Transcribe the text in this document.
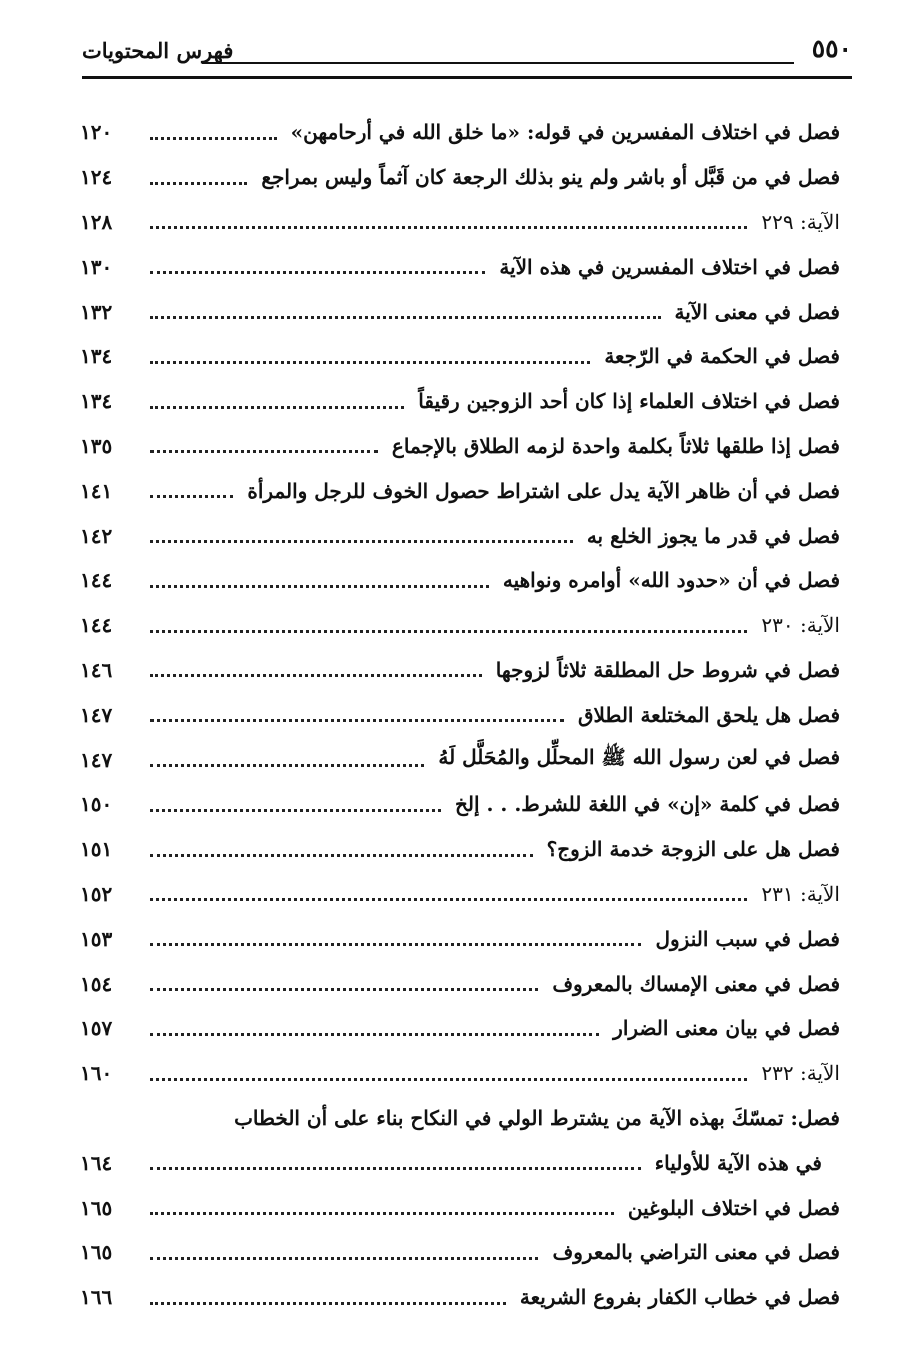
٥٥٠
فهرس المحتويات
فصل في اختلاف المفسرين في قوله: «ما خلق الله في أرحامهن»
١٢٠
فصل في من قَبَّل أو باشر ولم ينو بذلك الرجعة كان آثماً وليس بمراجع
١٢٤
الآية: ٢٢٩
١٢٨
فصل في اختلاف المفسرين في هذه الآية
١٣٠
فصل في معنى الآية
١٣٢
فصل في الحكمة في الرّجعة
١٣٤
فصل في اختلاف العلماء إذا كان أحد الزوجين رقيقاً
١٣٤
فصل إذا طلقها ثلاثاً بكلمة واحدة لزمه الطلاق بالإجماع
١٣٥
فصل في أن ظاهر الآية يدل على اشتراط حصول الخوف للرجل والمرأة
١٤١
فصل في قدر ما يجوز الخلع به
١٤٢
فصل في أن «حدود الله» أوامره ونواهيه
١٤٤
الآية: ٢٣٠
١٤٤
فصل في شروط حل المطلقة ثلاثاً لزوجها
١٤٦
فصل هل يلحق المختلعة الطلاق
١٤٧
فصل في لعن رسول الله ﷺ المحلِّل والمُحَلَّل لَهُ
١٤٧
فصل في كلمة «إن» في اللغة للشرط. . . إلخ
١٥٠
فصل هل على الزوجة خدمة الزوج؟
١٥١
الآية: ٢٣١
١٥٢
فصل في سبب النزول
١٥٣
فصل في معنى الإمساك بالمعروف
١٥٤
فصل في بيان معنى الضرار
١٥٧
الآية: ٢٣٢
١٦٠
فصل: تمسّكَ بهذه الآية من يشترط الولي في النكاح بناء على أن الخطاب
في هذه الآية للأولياء
١٦٤
فصل في اختلاف البلوغين
١٦٥
فصل في معنى التراضي بالمعروف
١٦٥
فصل في خطاب الكفار بفروع الشريعة
١٦٦
